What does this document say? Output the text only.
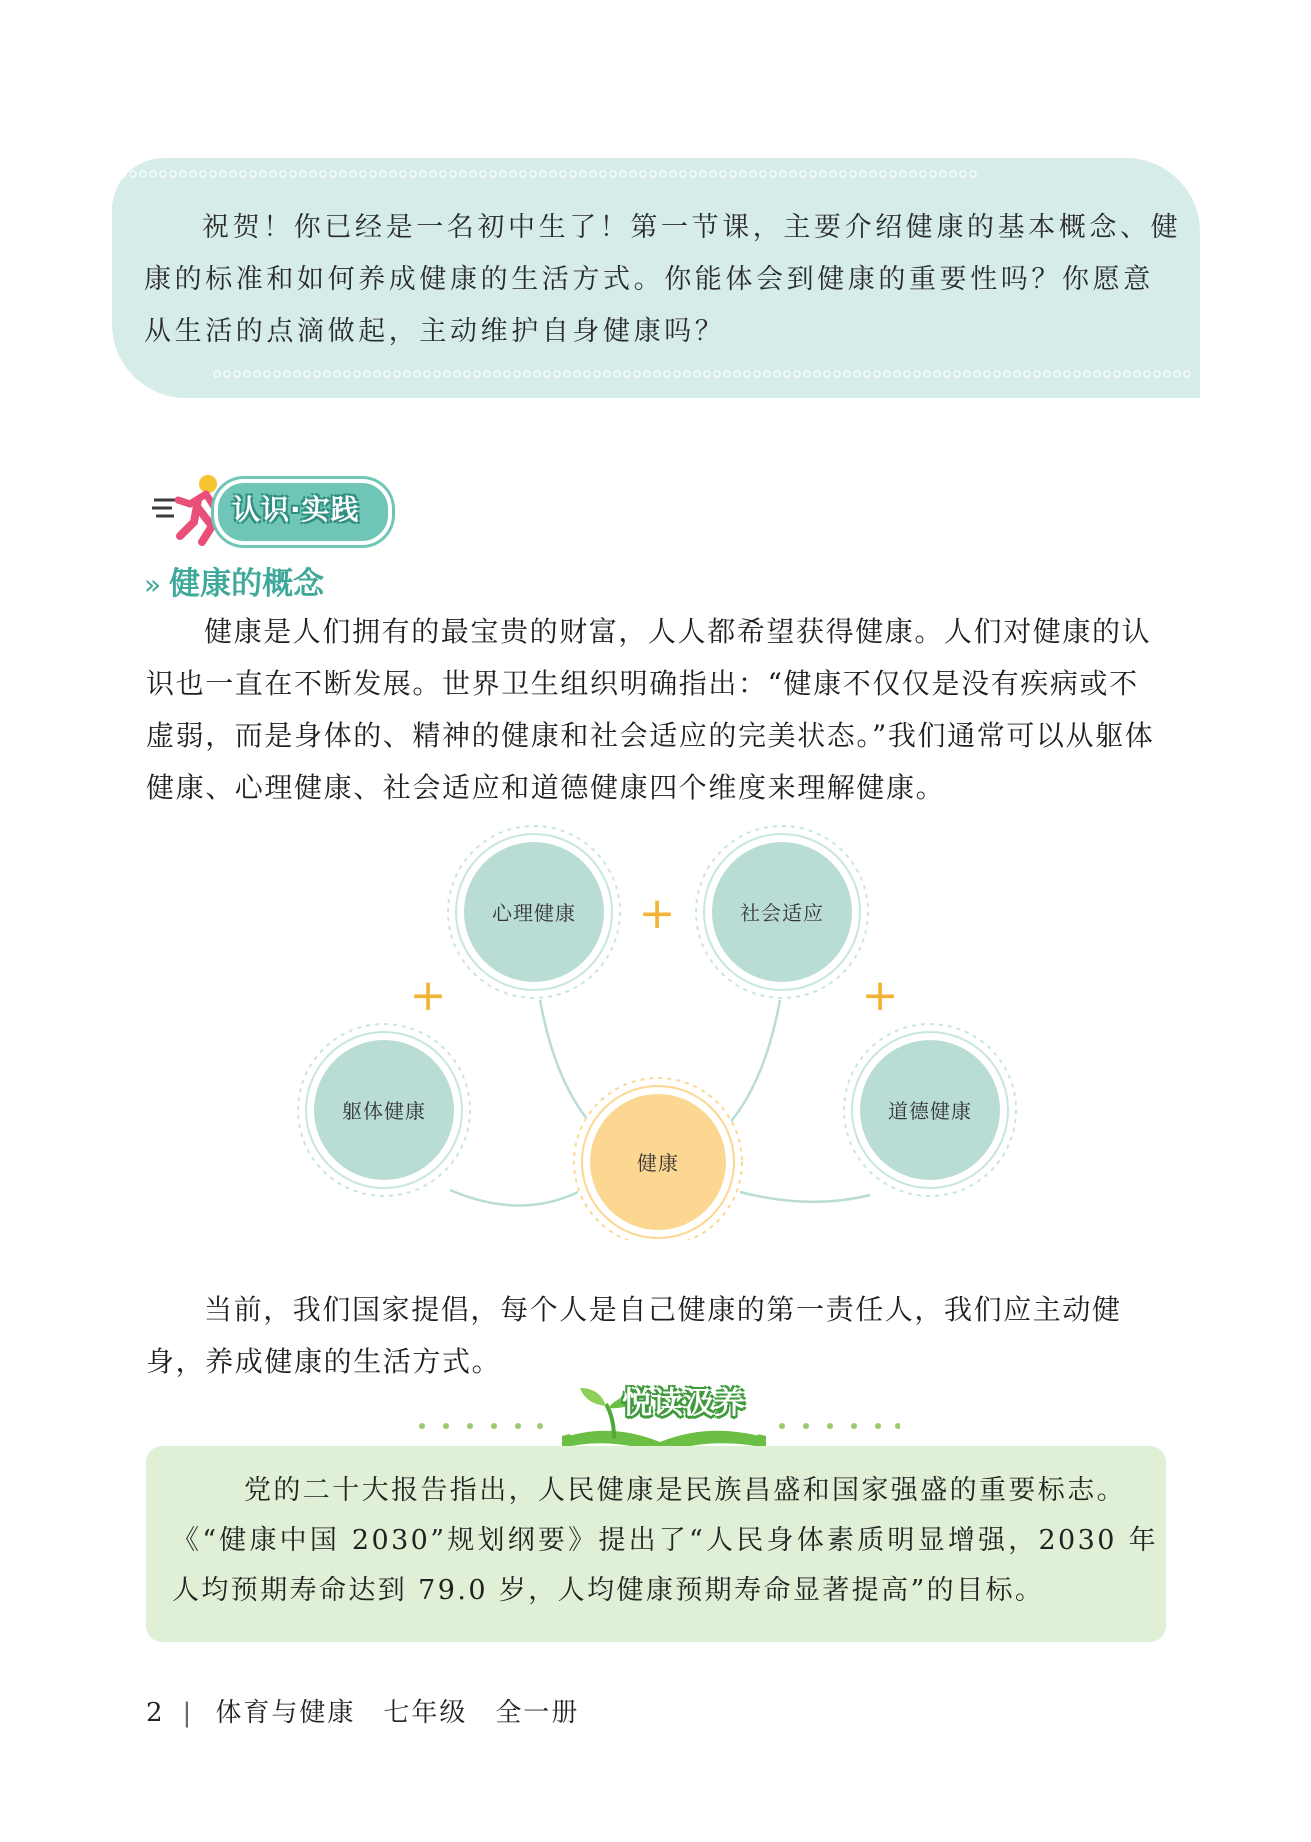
祝贺！你已经是一名初中生了！第一节课，主要介绍健康的基本概念、健康的标准和如何养成健康的生活方式。你能体会到健康的重要性吗？你愿意从生活的点滴做起，主动维护自身健康吗？

认识·实践
» 健康的概念

健康是人们拥有的最宝贵的财富，人人都希望获得健康。人们对健康的认识也一直在不断发展。世界卫生组织明确指出：“健康不仅仅是没有疾病或不虚弱，而是身体的、精神的健康和社会适应的完美状态。”我们通常可以从躯体健康、心理健康、社会适应和道德健康四个维度来理解健康。

心理健康	社会适应
躯体健康	道德健康
健康
+
+	+

当前，我们国家提倡，每个人是自己健康的第一责任人，我们应主动健身，养成健康的生活方式。

悦读汲养

党的二十大报告指出，人民健康是民族昌盛和国家强盛的重要标志。
《“健康中国 2030”规划纲要》提出了“人民身体素质明显增强，2030 年人均预期寿命达到 79.0 岁，人均健康预期寿命显著提高”的目标。

2 | 体育与健康　七年级　全一册
